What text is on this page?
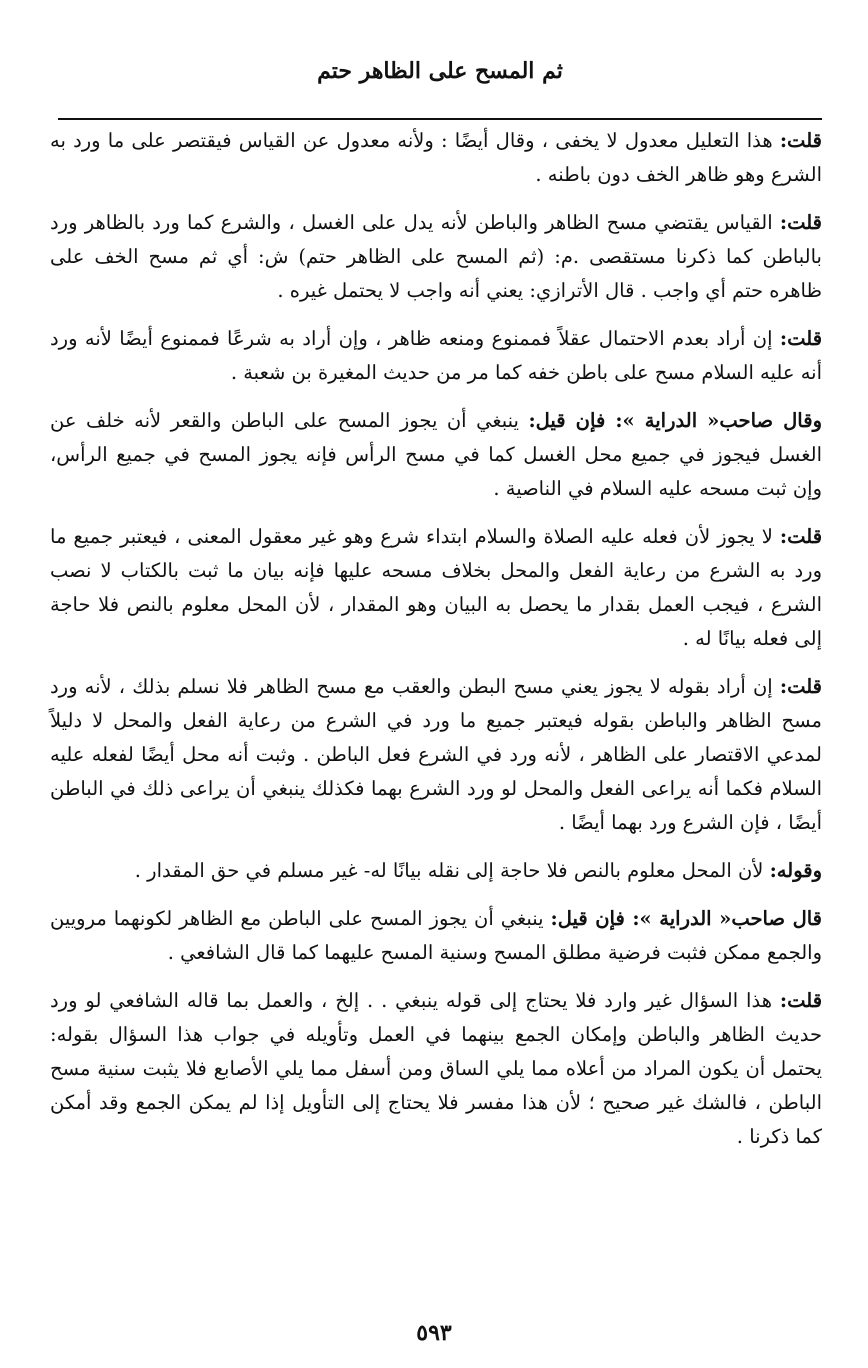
ثم المسح على الظاهر حتم

قلت: هذا التعليل معدول لا يخفى ، وقال أيضًا : ولأنه معدول عن القياس فيقتصر على ما ورد به الشرع وهو ظاهر الخف دون باطنه .

قلت: القياس يقتضي مسح الظاهر والباطن لأنه يدل على الغسل ، والشرع كما ورد بالظاهر ورد بالباطن كما ذكرنا مستقصى .م: (ثم المسح على الظاهر حتم) ش: أي ثم مسح الخف على ظاهره حتم أي واجب . قال الأترازي: يعني أنه واجب لا يحتمل غيره .

قلت: إن أراد بعدم الاحتمال عقلاً فممنوع ومنعه ظاهر ، وإن أراد به شرعًا فممنوع أيضًا لأنه ورد أنه عليه السلام مسح على باطن خفه كما مر من حديث المغيرة بن شعبة .

وقال صاحب« الدراية »: فإن قيل: ينبغي أن يجوز المسح على الباطن والقعر لأنه خلف عن الغسل فيجوز في جميع محل الغسل كما في مسح الرأس فإنه يجوز المسح في جميع الرأس، وإن ثبت مسحه عليه السلام في الناصية .

قلت: لا يجوز لأن فعله عليه الصلاة والسلام ابتداء شرع وهو غير معقول المعنى ، فيعتبر جميع ما ورد به الشرع من رعاية الفعل والمحل بخلاف مسحه عليها فإنه بيان ما ثبت بالكتاب لا نصب الشرع ، فيجب العمل بقدار ما يحصل به البيان وهو المقدار ، لأن المحل معلوم بالنص فلا حاجة إلى فعله بيانًا له .

قلت: إن أراد بقوله لا يجوز يعني مسح البطن والعقب مع مسح الظاهر فلا نسلم بذلك ، لأنه ورد مسح الظاهر والباطن بقوله فيعتبر جميع ما ورد في الشرع من رعاية الفعل والمحل لا دليلاً لمدعي الاقتصار على الظاهر ، لأنه ورد في الشرع فعل الباطن . وثبت أنه محل أيضًا لفعله عليه السلام فكما أنه يراعى الفعل والمحل لو ورد الشرع بهما فكذلك ينبغي أن يراعى ذلك في الباطن أيضًا ، فإن الشرع ورد بهما أيضًا .

وقوله: لأن المحل معلوم بالنص فلا حاجة إلى نقله بيانًا له- غير مسلم في حق المقدار .

قال صاحب« الدراية »: فإن قيل: ينبغي أن يجوز المسح على الباطن مع الظاهر لكونهما مرويين والجمع ممكن فثبت فرضية مطلق المسح وسنية المسح عليهما كما قال الشافعي .

قلت: هذا السؤال غير وارد فلا يحتاج إلى قوله ينبغي . . إلخ ، والعمل بما قاله الشافعي لو ورد حديث الظاهر والباطن وإمكان الجمع بينهما في العمل وتأويله في جواب هذا السؤال بقوله: يحتمل أن يكون المراد من أعلاه مما يلي الساق ومن أسفل مما يلي الأصابع فلا يثبت سنية مسح الباطن ، فالشك غير صحيح ؛ لأن هذا مفسر فلا يحتاج إلى التأويل إذا لم يمكن الجمع وقد أمكن كما ذكرنا .

٥٩٣
